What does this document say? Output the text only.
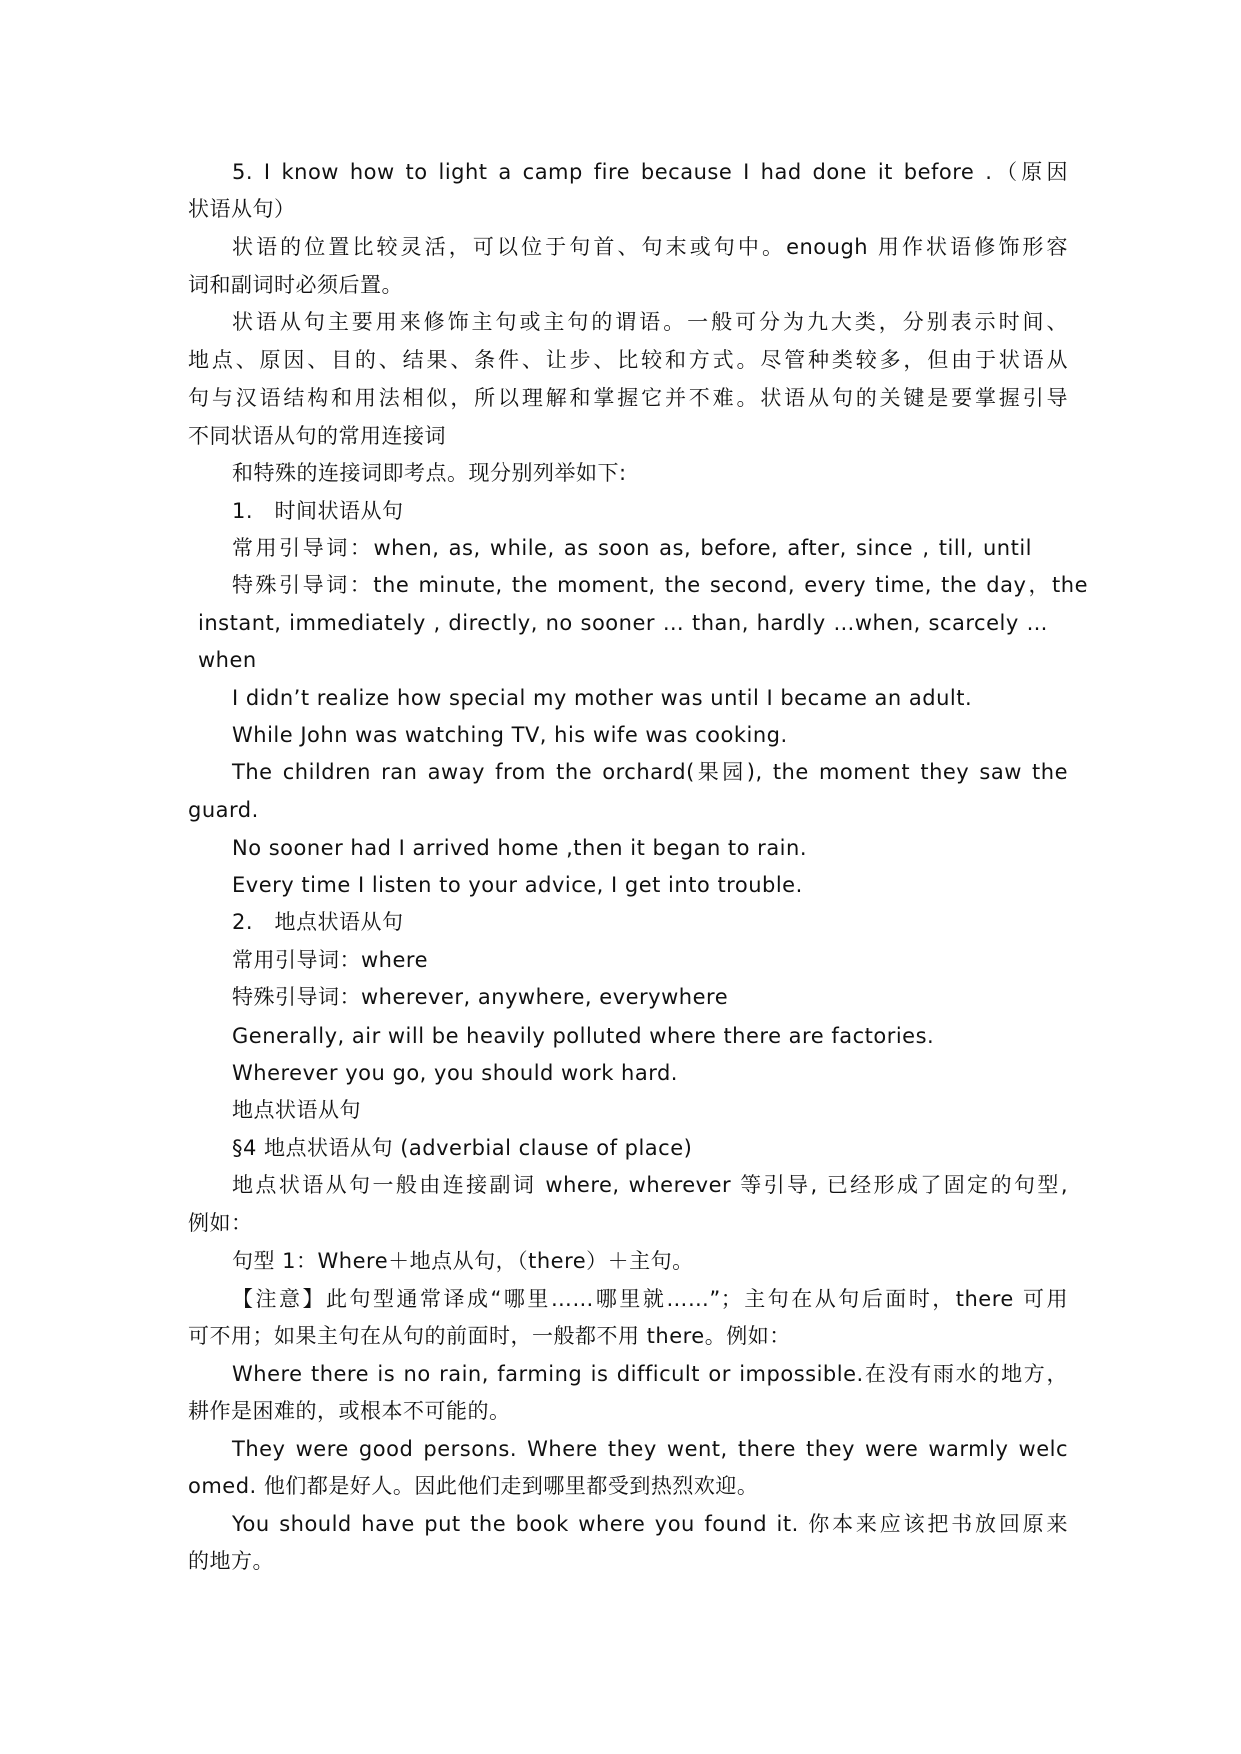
5. I know how to light a camp fire because I had done it before .（原因
状语从句）
状语的位置比较灵活，可以位于句首、句末或句中。enough 用作状语修饰形容
词和副词时必须后置。
状语从句主要用来修饰主句或主句的谓语。一般可分为九大类，分别表示时间、
地点、原因、目的、结果、条件、让步、比较和方式。尽管种类较多，但由于状语从
句与汉语结构和用法相似，所以理解和掌握它并不难。状语从句的关键是要掌握引导
不同状语从句的常用连接词
和特殊的连接词即考点。现分别列举如下:
1.　时间状语从句
常用引导词：when, as, while, as soon as, before, after, since , till, until
特殊引导词：the minute, the moment, the second, every time, the day，the
instant, immediately , directly, no sooner … than, hardly …when, scarcely …
when
I didn’t realize how special my mother was until I became an adult.
While John was watching TV, his wife was cooking.
The children ran away from the orchard(果园), the moment they saw the
guard.
No sooner had I arrived home ,then it began to rain.
Every time I listen to your advice, I get into trouble.
2.　地点状语从句
常用引导词：where
特殊引导词：wherever, anywhere, everywhere
Generally, air will be heavily polluted where there are factories.
Wherever you go, you should work hard.
地点状语从句
§4 地点状语从句 (adverbial clause of place)
地点状语从句一般由连接副词 where, wherever 等引导, 已经形成了固定的句型,
例如：
句型 1：Where＋地点从句，（there）＋主句。
【注意】此句型通常译成“哪里……哪里就……”；主句在从句后面时，there 可用
可不用；如果主句在从句的前面时，一般都不用 there。例如：
Where there is no rain, farming is difficult or impossible.在没有雨水的地方，
耕作是困难的，或根本不可能的。
They were good persons. Where they went, there they were warmly welc
omed. 他们都是好人。因此他们走到哪里都受到热烈欢迎。
You should have put the book where you found it. 你本来应该把书放回原来
的地方。
